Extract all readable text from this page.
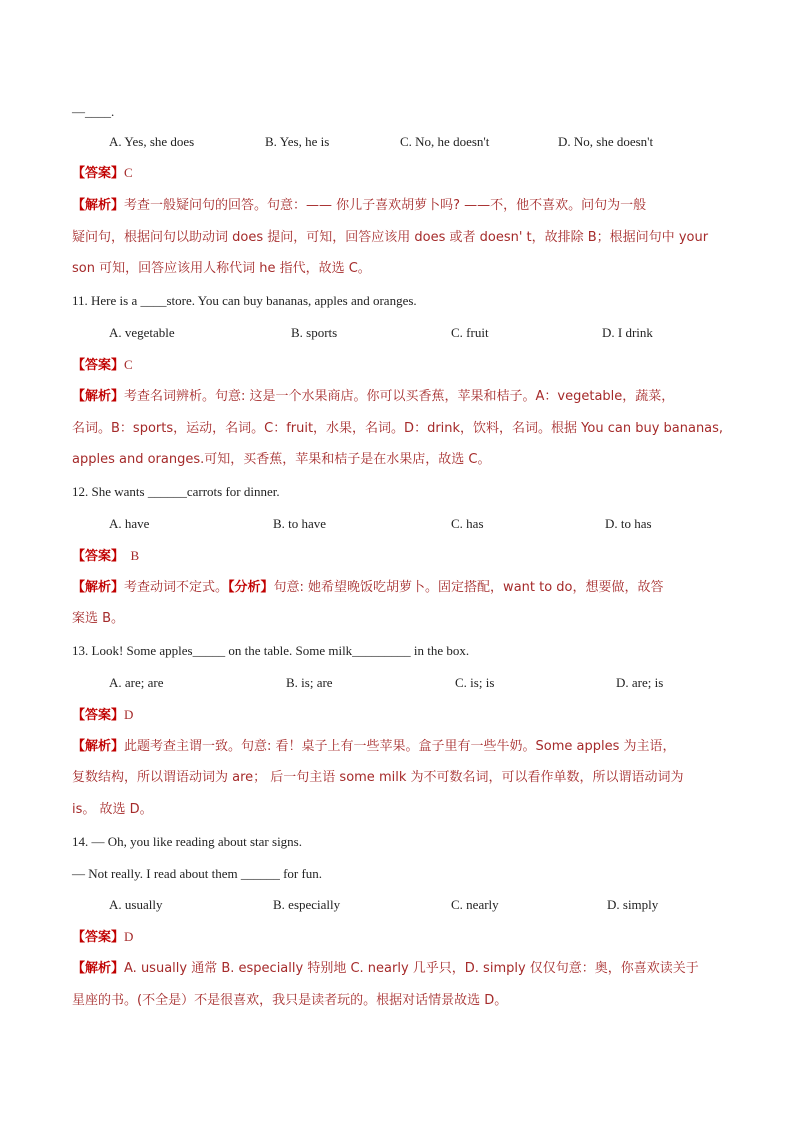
—____.
A. Yes, she does	B. Yes, he is	C. No, he doesn't	D. No, she doesn't
【答案】C
【解析】考查一般疑问句的回答。句意：—— 你儿子喜欢胡萝卜吗? ——不，他不喜欢。问句为一般
疑问句，根据问句以助动词 does 提问，可知，回答应该用 does 或者 doesn' t，故排除 B；根据问句中 your
son 可知，回答应该用人称代词 he 指代，故选 C。
11. Here is a ____store. You can buy bananas, apples and oranges.
A. vegetable	B. sports	C. fruit	D. I drink
【答案】C
【解析】考查名词辨析。句意: 这是一个水果商店。你可以买香蕉，苹果和桔子。A：vegetable，蔬菜，
名词。B：sports，运动，名词。C：fruit，水果，名词。D：drink，饮料，名词。根据 You can buy bananas,
apples and oranges.可知，买香蕉，苹果和桔子是在水果店，故选 C。
12. She wants ______carrots for dinner.
A. have	B. to have	C. has	D. to has
【答案】  B
【解析】考查动词不定式。【分析】句意: 她希望晚饭吃胡萝卜。固定搭配，want to do，想要做，故答
案选 B。
13. Look! Some apples_____ on the table. Some milk_________ in the box.
A. are; are	B. is; are	C. is; is	D. are; is
【答案】D
【解析】此题考查主谓一致。句意: 看！桌子上有一些苹果。盒子里有一些牛奶。Some apples 为主语，
复数结构，所以谓语动词为 are； 后一句主语 some milk 为不可数名词，可以看作单数，所以谓语动词为
is。 故选 D。
14. — Oh, you like reading about star signs.
— Not really. I read about them ______ for fun.
A. usually	B. especially	C. nearly	D. simply
【答案】D
【解析】A. usually 通常 B. especially 特别地 C. nearly 几乎只，D. simply 仅仅句意：奥，你喜欢读关于
星座的书。(不全是）不是很喜欢，我只是读者玩的。根据对话情景故选 D。
